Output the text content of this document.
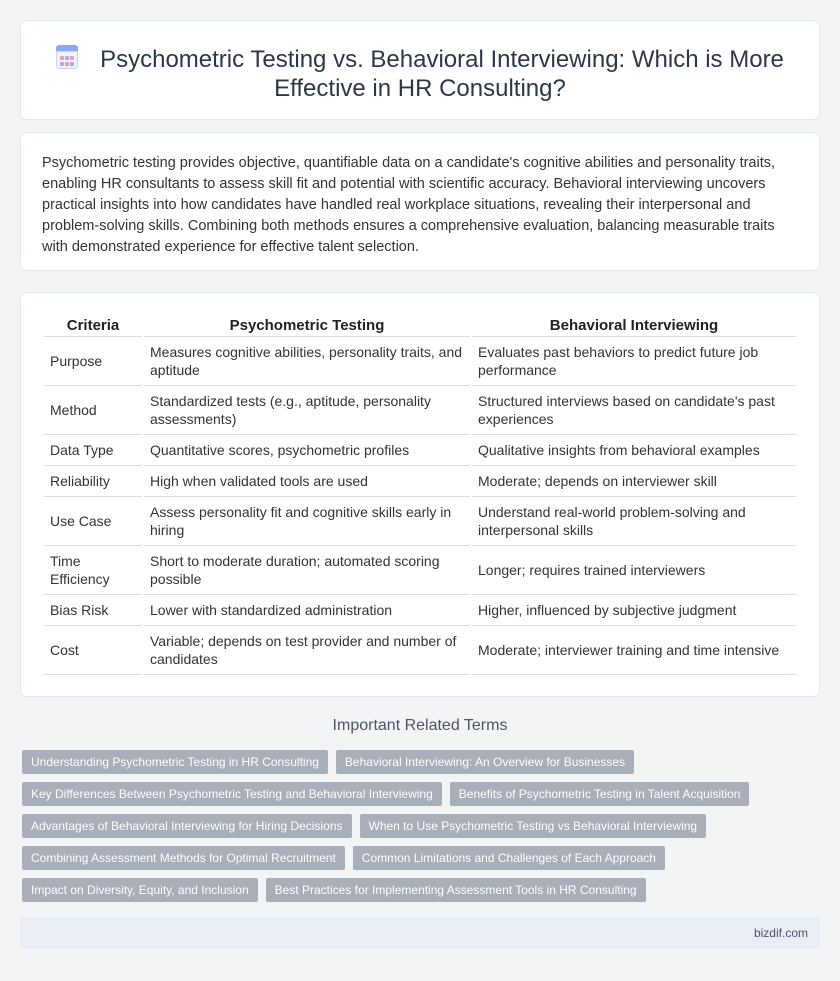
Psychometric Testing vs. Behavioral Interviewing: Which is More Effective in HR Consulting?

Psychometric testing provides objective, quantifiable data on a candidate's cognitive abilities and personality traits, enabling HR consultants to assess skill fit and potential with scientific accuracy. Behavioral interviewing uncovers practical insights into how candidates have handled real workplace situations, revealing their interpersonal and problem-solving skills. Combining both methods ensures a comprehensive evaluation, balancing measurable traits with demonstrated experience for effective talent selection.

Criteria	Psychometric Testing	Behavioral Interviewing
Purpose	Measures cognitive abilities, personality traits, and aptitude	Evaluates past behaviors to predict future job performance
Method	Standardized tests (e.g., aptitude, personality assessments)	Structured interviews based on candidate's past experiences
Data Type	Quantitative scores, psychometric profiles	Qualitative insights from behavioral examples
Reliability	High when validated tools are used	Moderate; depends on interviewer skill
Use Case	Assess personality fit and cognitive skills early in hiring	Understand real-world problem-solving and interpersonal skills
Time Efficiency	Short to moderate duration; automated scoring possible	Longer; requires trained interviewers
Bias Risk	Lower with standardized administration	Higher, influenced by subjective judgment
Cost	Variable; depends on test provider and number of candidates	Moderate; interviewer training and time intensive
Important Related Terms
Understanding Psychometric Testing in HR Consulting Behavioral Interviewing: An Overview for Businesses
Key Differences Between Psychometric Testing and Behavioral Interviewing Benefits of Psychometric Testing in Talent Acquisition
Advantages of Behavioral Interviewing for Hiring Decisions When to Use Psychometric Testing vs Behavioral Interviewing
Combining Assessment Methods for Optimal Recruitment Common Limitations and Challenges of Each Approach
Impact on Diversity, Equity, and Inclusion Best Practices for Implementing Assessment Tools in HR Consulting
bizdif.com
